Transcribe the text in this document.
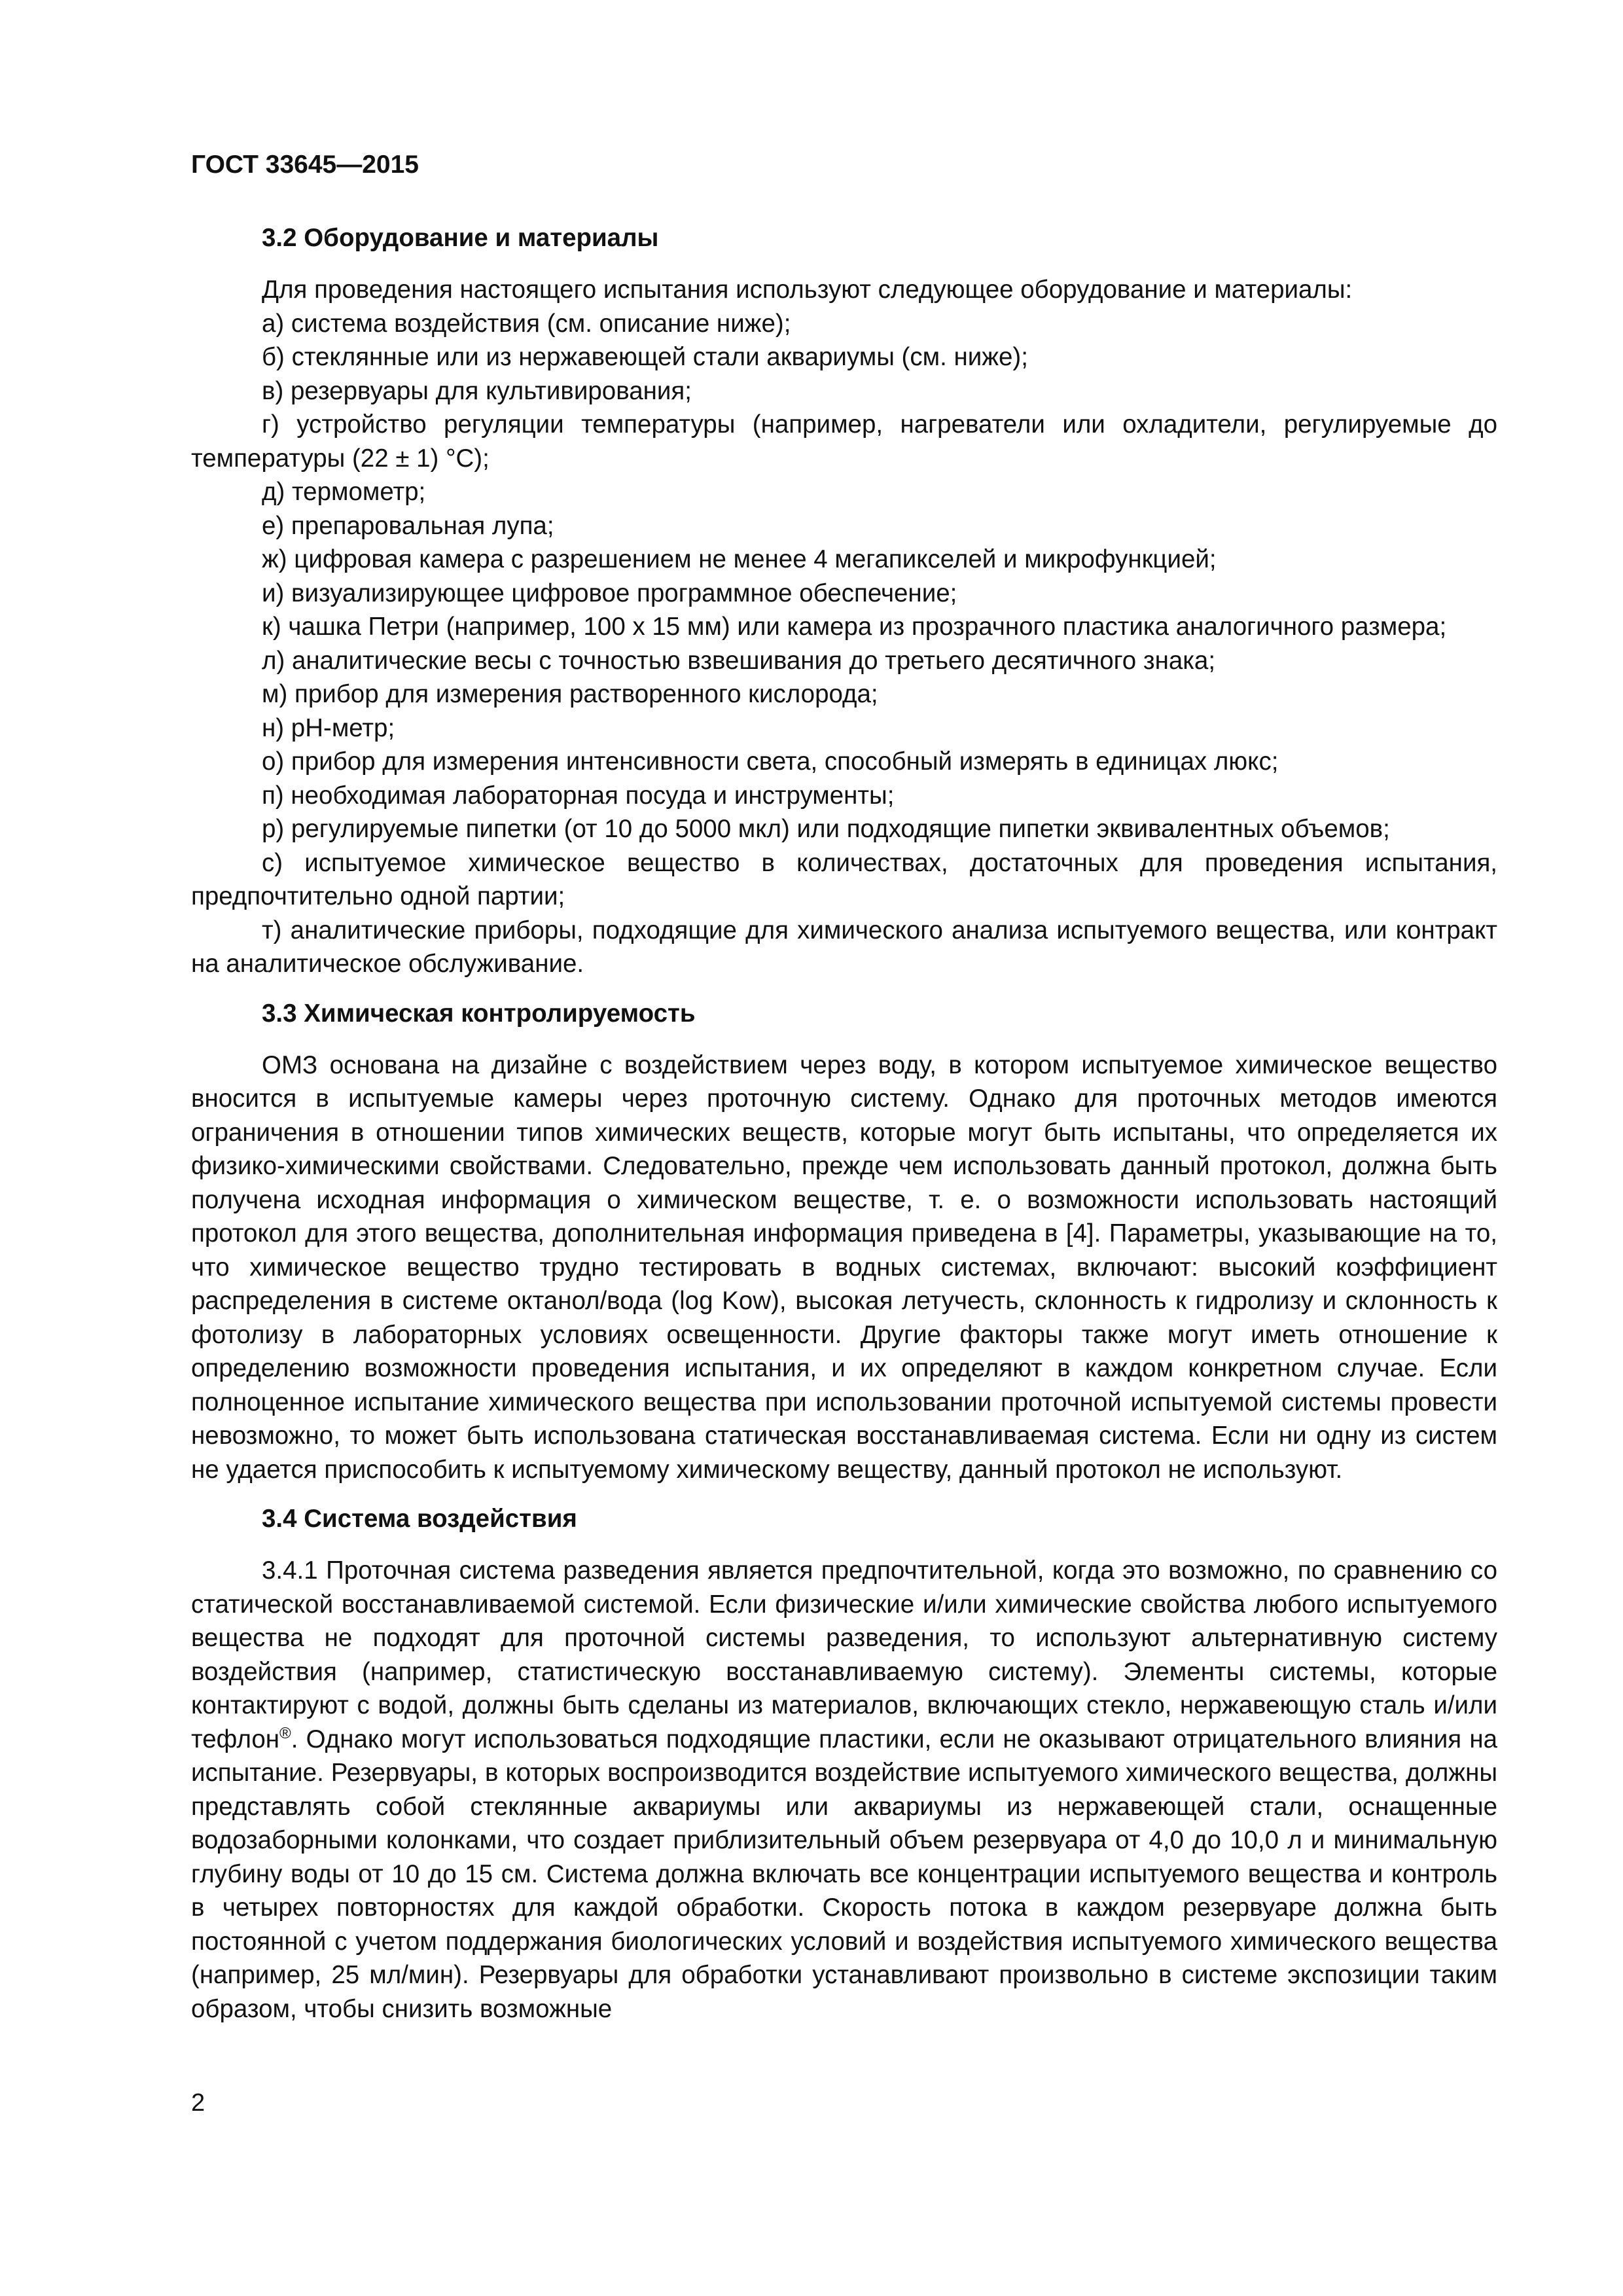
ГОСТ 33645—2015
3.2 Оборудование и материалы
Для проведения настоящего испытания используют следующее оборудование и материалы:
а) система воздействия (см. описание ниже);
б) стеклянные или из нержавеющей стали аквариумы (см. ниже);
в) резервуары для культивирования;
г) устройство регуляции температуры (например, нагреватели или охладители, регулируемые до температуры (22 ± 1) °C);
д) термометр;
е) препаровальная лупа;
ж) цифровая камера с разрешением не менее 4 мегапикселей и микрофункцией;
и) визуализирующее цифровое программное обеспечение;
к) чашка Петри (например, 100 х 15 мм) или камера из прозрачного пластика аналогичного размера;
л) аналитические весы с точностью взвешивания до третьего десятичного знака;
м) прибор для измерения растворенного кислорода;
н) pH-метр;
о) прибор для измерения интенсивности света, способный измерять в единицах люкс;
п) необходимая лабораторная посуда и инструменты;
р) регулируемые пипетки (от 10 до 5000 мкл) или подходящие пипетки эквивалентных объемов;
с) испытуемое химическое вещество в количествах, достаточных для проведения испытания, предпочтительно одной партии;
т) аналитические приборы, подходящие для химического анализа испытуемого вещества, или контракт на аналитическое обслуживание.
3.3 Химическая контролируемость
ОМЗ основана на дизайне с воздействием через воду, в котором испытуемое химическое вещество вносится в испытуемые камеры через проточную систему. Однако для проточных методов имеются ограничения в отношении типов химических веществ, которые могут быть испытаны, что определяется их физико-химическими свойствами. Следовательно, прежде чем использовать данный протокол, должна быть получена исходная информация о химическом веществе, т. е. о возможности использовать настоящий протокол для этого вещества, дополнительная информация приведена в [4]. Параметры, указывающие на то, что химическое вещество трудно тестировать в водных системах, включают: высокий коэффициент распределения в системе октанол/вода (log Kow), высокая летучесть, склонность к гидролизу и склонность к фотолизу в лабораторных условиях освещенности. Другие факторы также могут иметь отношение к определению возможности проведения испытания, и их определяют в каждом конкретном случае. Если полноценное испытание химического вещества при использовании проточной испытуемой системы провести невозможно, то может быть использована статическая восстанавливаемая система. Если ни одну из систем не удается приспособить к испытуемому химическому веществу, данный протокол не используют.
3.4 Система воздействия
3.4.1 Проточная система разведения является предпочтительной, когда это возможно, по сравнению со статической восстанавливаемой системой. Если физические и/или химические свойства любого испытуемого вещества не подходят для проточной системы разведения, то используют альтернативную систему воздействия (например, статистическую восстанавливаемую систему). Элементы системы, которые контактируют с водой, должны быть сделаны из материалов, включающих стекло, нержавеющую сталь и/или тефлон®. Однако могут использоваться подходящие пластики, если не оказывают отрицательного влияния на испытание. Резервуары, в которых воспроизводится воздействие испытуемого химического вещества, должны представлять собой стеклянные аквариумы или аквариумы из нержавеющей стали, оснащенные водозаборными колонками, что создает приблизительный объем резервуара от 4,0 до 10,0 л и минимальную глубину воды от 10 до 15 см. Система должна включать все концентрации испытуемого вещества и контроль в четырех повторностях для каждой обработки. Скорость потока в каждом резервуаре должна быть постоянной с учетом поддержания биологических условий и воздействия испытуемого химического вещества (например, 25 мл/мин). Резервуары для обработки устанавливают произвольно в системе экспозиции таким образом, чтобы снизить возможные
2
